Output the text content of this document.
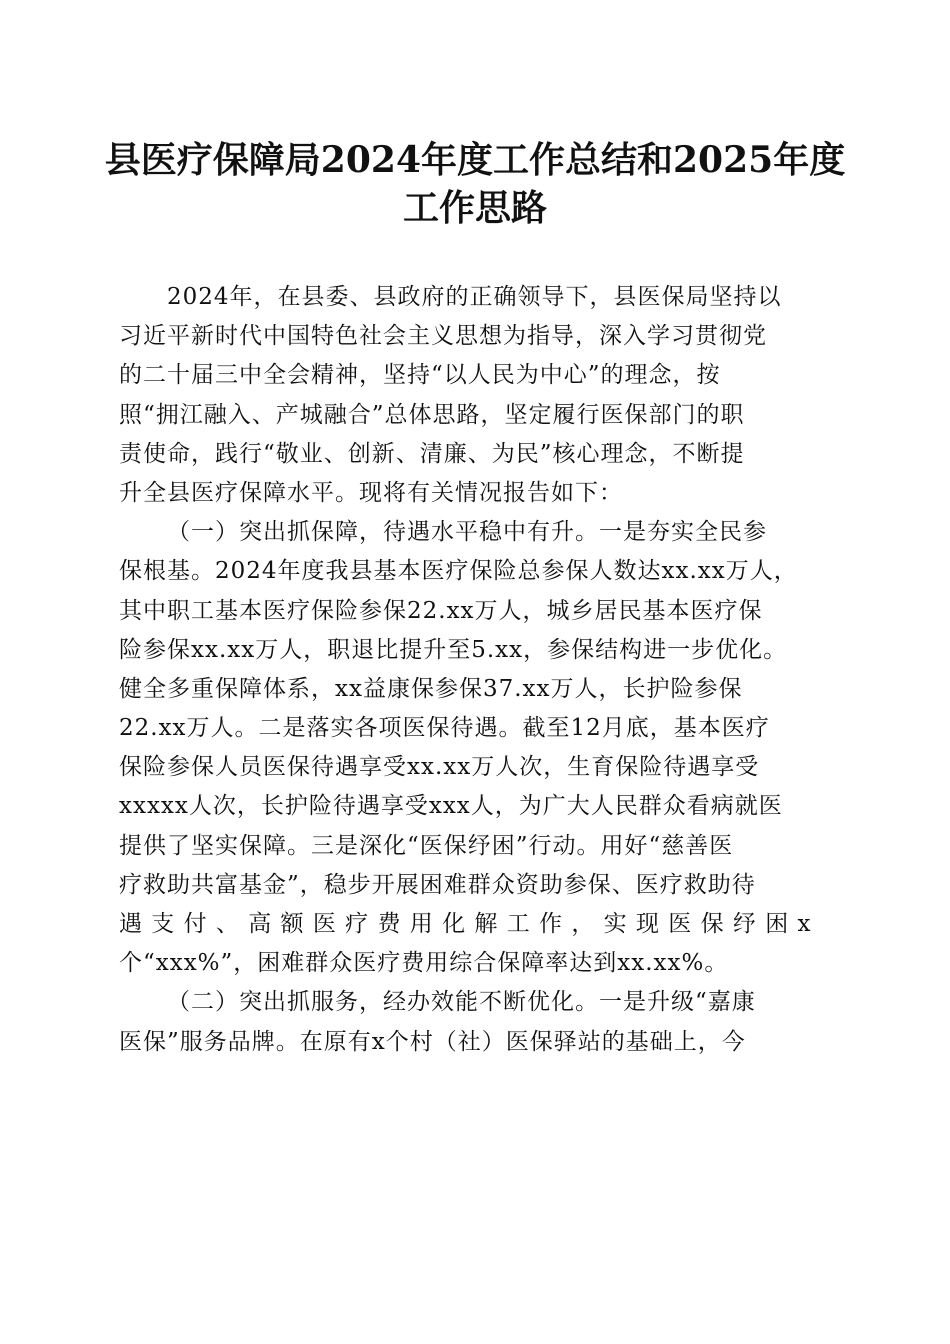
县医疗保障局2024年度工作总结和2025年度
工作思路
2024年，在县委、县政府的正确领导下，县医保局坚持以
习近平新时代中国特色社会主义思想为指导，深入学习贯彻党
的二十届三中全会精神，坚持“以人民为中心”的理念，按
照“拥江融入、产城融合”总体思路，坚定履行医保部门的职
责使命，践行“敬业、创新、清廉、为民”核心理念，不断提
升全县医疗保障水平。现将有关情况报告如下：
（一）突出抓保障，待遇水平稳中有升。一是夯实全民参
保根基。2024年度我县基本医疗保险总参保人数达xx.xx万人，
其中职工基本医疗保险参保22.xx万人，城乡居民基本医疗保
险参保xx.xx万人，职退比提升至5.xx，参保结构进一步优化。
健全多重保障体系，xx益康保参保37.xx万人，长护险参保
22.xx万人。二是落实各项医保待遇。截至12月底，基本医疗
保险参保人员医保待遇享受xx.xx万人次，生育保险待遇享受
xxxxx人次，长护险待遇享受xxx人，为广大人民群众看病就医
提供了坚实保障。三是深化“医保纾困”行动。用好“慈善医
疗救助共富基金”，稳步开展困难群众资助参保、医疗救助待
遇 支 付 、 高 额 医 疗 费 用 化 解 工 作 ， 实 现 医 保 纾 困 x
个“xxx%”，困难群众医疗费用综合保障率达到xx.xx%。
（二）突出抓服务，经办效能不断优化。一是升级“嘉康
医保”服务品牌。在原有x个村（社）医保驿站的基础上，今
